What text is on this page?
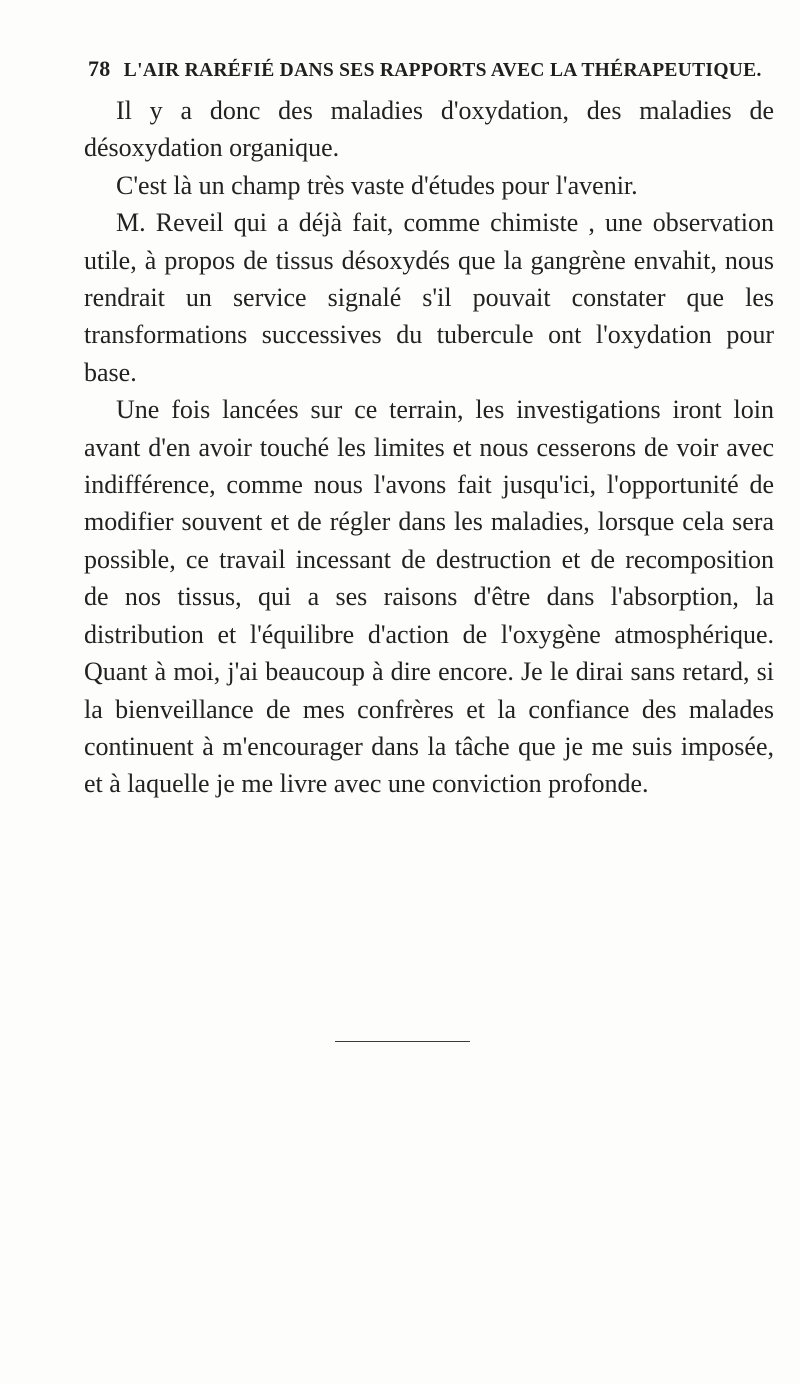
78 L'AIR RARÉFIÉ DANS SES RAPPORTS AVEC LA THÉRAPEUTIQUE.

Il y a donc des maladies d'oxydation, des maladies de désoxydation organique.

C'est là un champ très vaste d'études pour l'avenir.

M. Reveil qui a déjà fait, comme chimiste , une observation utile, à propos de tissus désoxydés que la gangrène envahit, nous rendrait un service signalé s'il pouvait constater que les transformations successives du tubercule ont l'oxydation pour base.

Une fois lancées sur ce terrain, les investigations iront loin avant d'en avoir touché les limites et nous cesserons de voir avec indifférence, comme nous l'avons fait jusqu'ici, l'opportunité de modifier souvent et de régler dans les maladies, lorsque cela sera possible, ce travail incessant de destruction et de recomposition de nos tissus, qui a ses raisons d'être dans l'absorption, la distribution et l'équilibre d'action de l'oxygène atmosphérique. Quant à moi, j'ai beaucoup à dire encore. Je le dirai sans retard, si la bienveillance de mes confrères et la confiance des malades continuent à m'encourager dans la tâche que je me suis imposée, et à laquelle je me livre avec une conviction profonde.
